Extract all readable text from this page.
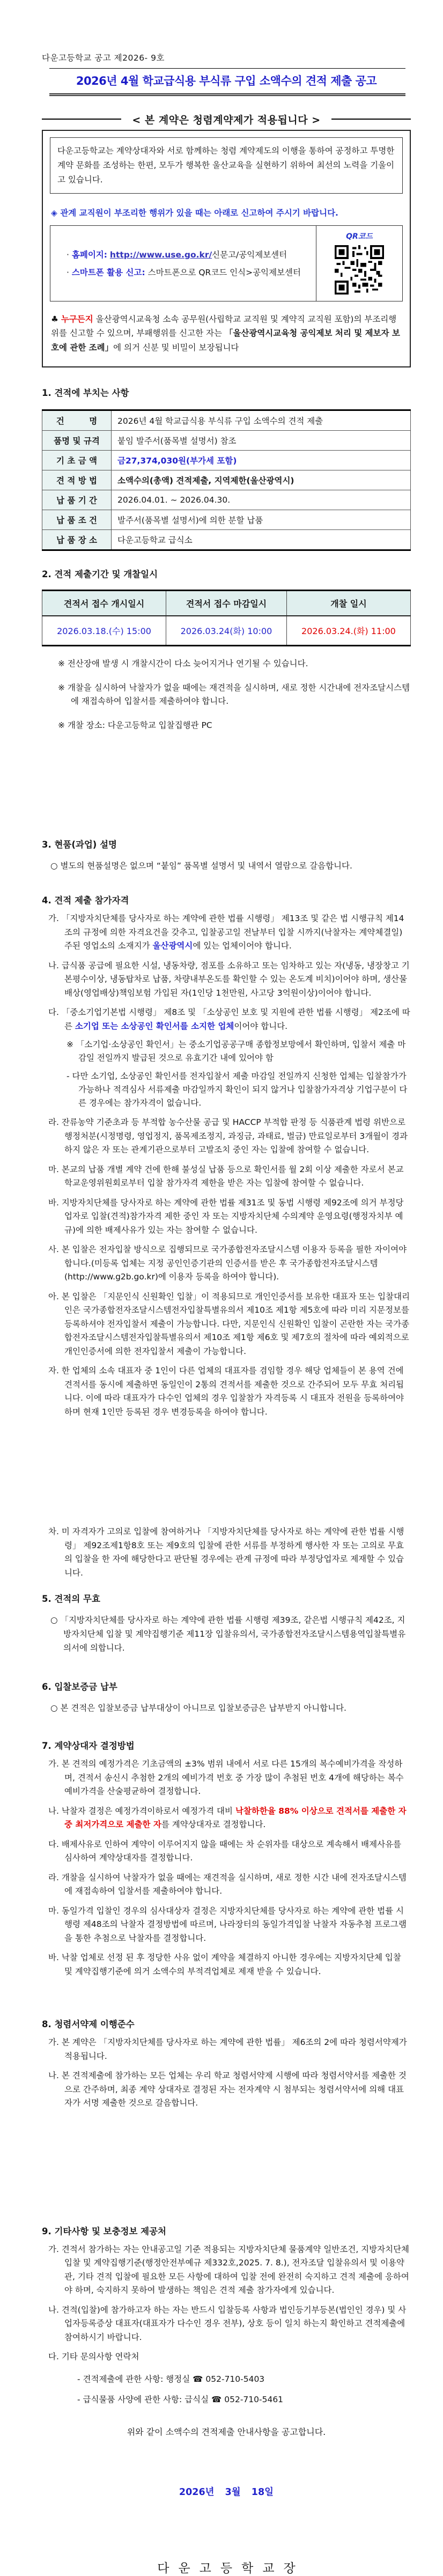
다운고등학교 공고 제2026- 9호
2026년 4월 학교급식용 부식류 구입 소액수의 견적 제출 공고
< 본 계약은 청렴계약제가 적용됩니다 >
다운고등학교는 계약상대자와 서로 함께하는 청렴 계약제도의 이행을 통하여 공정하고 투명한 계약 문화를 조성하는 한편, 모두가 행복한 울산교육을 실현하기 위하여 최선의 노력을 기울이고 있습니다.
◈ 관계 교직원이 부조리한 행위가 있을 때는 아래로 신고하여 주시기 바랍니다.
· 홈페이지: http://www.use.go.kr/신문고/공익제보센터
· 스마트폰 활용 신고: 스마트폰으로 QR코드 인식>공익제보센터
QR코드
♣ 누구든지 울산광역시교육청 소속 공무원(사립학교 교직원 및 계약직 교직원 포함)의 부조리행위를 신고할 수 있으며, 부패행위를 신고한 자는 「울산광역시교육청 공익제보 처리 및 제보자 보호에 관한 조례」에 의거 신분 및 비밀이 보장됩니다
1. 견적에 부치는 사항
건　　　명	2026년 4월 학교급식용 부식류 구입 소액수의 견적 제출
품명 및 규격	붙임 발주서(품목별 설명서) 참조
기 초 금 액	금27,374,030원(부가세 포함)
견 적 방 법	소액수의(총액) 견적제출, 지역제한(울산광역시)
납 품 기 간	2026.04.01. ~ 2026.04.30.
납 품 조 건	발주서(품목별 설명서)에 의한 분할 납품
납 품 장 소	다운고등학교 급식소
2. 견적 제출기간 및 개찰일시
견적서 접수 개시일시	견적서 접수 마감일시	개찰 일시
2026.03.18.(수) 15:00	2026.03.24(화) 10:00	2026.03.24.(화) 11:00
※ 전산장애 발생 시 개찰시간이 다소 늦어지거나 연기될 수 있습니다.
※ 개찰을 실시하여 낙찰자가 없을 때에는 재견적을 실시하며, 새로 정한 시간내에 전자조달시스템에 재접속하여 입찰서를 제출하여야 합니다.
※ 개찰 장소: 다운고등학교 입찰집행관 PC
3. 현품(과업) 설명
○ 별도의 현품설명은 없으며 “붙임” 품목별 설명서 및 내역서 열람으로 갈음합니다.
4. 견적 제출 참가자격
가. 「지방자치단체를 당사자로 하는 계약에 관한 법률 시행령」 제13조 및 같은 법 시행규칙 제14조의 규정에 의한 자격요건을 갖추고, 입찰공고일 전날부터 입찰 시까지(낙찰자는 계약체결일) 주된 영업소의 소재지가 울산광역시에 있는 업체이어야 합니다.
나. 급식품 공급에 필요한 시설, 냉동차량, 점포를 소유하고 또는 임차하고 있는 자(냉동, 냉장창고 기본평수이상, 냉동탑차로 납품, 차량내부온도를 확인할 수 있는 온도계 비치)이어야 하며, 생산물배상(영업배상)책임보험 가입된 자(1인당 1천만원, 사고당 3억원이상)이어야 합니다.
다. 「중소기업기본법 시행령」 제8조 및 「소상공인 보호 및 지원에 관한 법률 시행령」 제2조에 따른 소기업 또는 소상공인 확인서를 소지한 업체이어야 합니다.
※ 「소기업·소상공인 확인서」는 중소기업공공구매 종합정보망에서 확인하며, 입찰서 제출 마감일 전일까지 발급된 것으로 유효기간 내에 있어야 함
- 다만 소기업, 소상공인 확인서를 전자입찰서 제출 마감일 전일까지 신청한 업체는 입찰참가가 가능하나 적격심사 서류제출 마감일까지 확인이 되지 않거나 입찰참가자격상 기업구분이 다른 경우에는 참가자격이 없습니다.
라. 잔류농약 기준초과 등 부적합 농수산물 공급 및 HACCP 부적합 판정 등 식품관계 법령 위반으로 행정처분(시정명령, 영업정지, 품목제조정지, 과징금, 과태료, 벌금) 만료일로부터 3개월이 경과하지 않은 자 또는 관계기관으로부터 고발조치 중인 자는 입찰에 참여할 수 없습니다.
마. 본교의 납품 개별 계약 건에 한해 불성실 납품 등으로 확인서를 월 2회 이상 제출한 자로서 본교 학교운영위원회로부터 입찰 참가자격 제한을 받은 자는 입찰에 참여할 수 없습니다.
바. 지방자치단체를 당사자로 하는 계약에 관한 법률 제31조 및 동법 시행령 제92조에 의거 부정당업자로 입찰(견적)참가자격 제한 중인 자 또는 지방자치단체 수의계약 운영요령(행정자치부 예규)에 의한 배제사유가 있는 자는 참여할 수 없습니다.
사. 본 입찰은 전자입찰 방식으로 집행되므로 국가종합전자조달시스템 이용자 등록을 필한 자이여야 합니다.(미등록 업체는 지정 공인인증기관의 인증서를 받은 후 국가종합전자조달시스템(http://www.g2b.go.kr)에 이용자 등록을 하여야 합니다).
아. 본 입찰은 「지문인식 신원확인 입찰」이 적용되므로 개인인증서를 보유한 대표자 또는 입찰대리인은 국가종합전자조달시스템전자입찰특별유의서 제10조 제1항 제5호에 따라 미리 지문정보를 등록하셔야 전자입찰서 제출이 가능합니다. 다만, 지문인식 신원확인 입찰이 곤란한 자는 국가종합전자조달시스템전자입찰특별유의서 제10조 제1항 제6호 및 제7호의 절차에 따라 예외적으로 개인인증서에 의한 전자입찰서 제출이 가능합니다.
자. 한 업체의 소속 대표자 중 1인이 다른 업체의 대표자를 겸임할 경우 해당 업체들이 본 용역 건에 견적서를 동시에 제출하면 동일인이 2통의 견적서를 제출한 것으로 간주되어 모두 무효 처리됩니다. 이에 따라 대표자가 다수인 업체의 경우 입찰참가 자격등록 시 대표자 전원을 등록하여야 하며 현재 1인만 등록된 경우 변경등록을 하여야 합니다.
차. 미 자격자가 고의로 입찰에 참여하거나 「지방자치단체를 당사자로 하는 계약에 관한 법률 시행령」 제92조제1항8호 또는 제9호의 입찰에 관한 서류를 부정하게 행사한 자 또는 고의로 무효의 입찰을 한 자에 해당한다고 판단될 경우에는 관계 규정에 따라 부정당업자로 제재할 수 있습니다.
5. 견적의 무효
○ 「지방자치단체를 당사자로 하는 계약에 관한 법률 시행령 제39조, 같은법 시행규칙 제42조, 지방자치단체 입찰 및 계약집행기준 제11장 입찰유의서, 국가종합전자조달시스템용역입찰특별유의서에 의합니다.
6. 입찰보증금 납부
○ 본 견적은 입찰보증금 납부대상이 아니므로 입찰보증금은 납부받지 아니합니다.
7. 계약상대자 결정방법
가. 본 견적의 예정가격은 기초금액의 ±3% 범위 내에서 서로 다른 15개의 복수예비가격을 작성하며, 견적서 송신시 추첨한 2개의 예비가격 번호 중 가장 많이 추첨된 번호 4개에 해당하는 복수 예비가격을 산술평균하여 결정합니다.
나. 낙찰자 결정은 예정가격이하로서 예정가격 대비 낙찰하한율 88% 이상으로 견적서를 제출한 자 중 최저가격으로 제출한 자를 계약상대자로 결정합니다.
다. 배제사유로 인하여 계약이 이루어지지 않을 때에는 차 순위자를 대상으로 계속해서 배제사유를 심사하여 계약상대자를 결정합니다.
라. 개찰을 실시하여 낙찰자가 없을 때에는 재견적을 실시하며, 새로 정한 시간 내에 전자조달시스템에 재접속하여 입찰서를 제출하여야 합니다.
마. 동일가격 입찰인 경우의 심사대상자 결정은 지방자치단체를 당사자로 하는 계약에 관한 법률 시행령 제48조의 낙찰자 결정방법에 따르며, 나라장터의 동일가격입찰 낙찰자 자동추첨 프로그램을 통한 추첨으로 낙찰자를 결정합니다.
바. 낙찰 업체로 선정 된 후 정당한 사유 없이 계약을 체결하지 아니한 경우에는 지방자치단체 입찰 및 계약집행기준에 의거 소액수의 부적격업체로 제재 받을 수 있습니다.
8. 청렴서약제 이행준수
가. 본 계약은 「지방자치단체를 당사자로 하는 계약에 관한 법률」 제6조의 2에 따라 청렴서약제가 적용됩니다.
나. 본 견적제출에 참가하는 모든 업체는 우리 학교 청렴서약제 시행에 따라 청렴서약서를 제출한 것으로 간주하며, 최종 계약 상대자로 결정된 자는 전자계약 시 첨부되는 청렴서약서에 의해 대표자가 서명 제출한 것으로 갈음합니다.
9. 기타사항 및 보충정보 제공처
가. 견적서 참가하는 자는 안내공고일 기준 적용되는 지방자치단체 물품계약 일반조건, 지방자치단체 입찰 및 계약집행기준(행정안전부예규 제332호,2025. 7. 8.), 전자조달 입찰유의서 및 이용약관, 기타 견적 입찰에 필요한 모든 사항에 대하여 입찰 전에 완전히 숙지하고 견적 제출에 응하여야 하며, 숙지하지 못하여 발생하는 책임은 견적 제출 참가자에게 있습니다.
나. 견적(입찰)에 참가하고자 하는 자는 반드시 입찰등록 사항과 법인등기부등본(법인인 경우) 및 사업자등록증상 대표자(대표자가 다수인 경우 전부), 상호 등이 일치 하는지 확인하고 견적제출에 참여하시기 바랍니다.
다. 기타 문의사항 연락처
- 견적제출에 관한 사항: 행정실 ☎ 052-710-5403
- 급식물품 사양에 관한 사항: 급식실 ☎ 052-710-5461
위와 같이 소액수의 견적제출 안내사항을 공고합니다.
2026년 3월 18일
다운고등학교장
